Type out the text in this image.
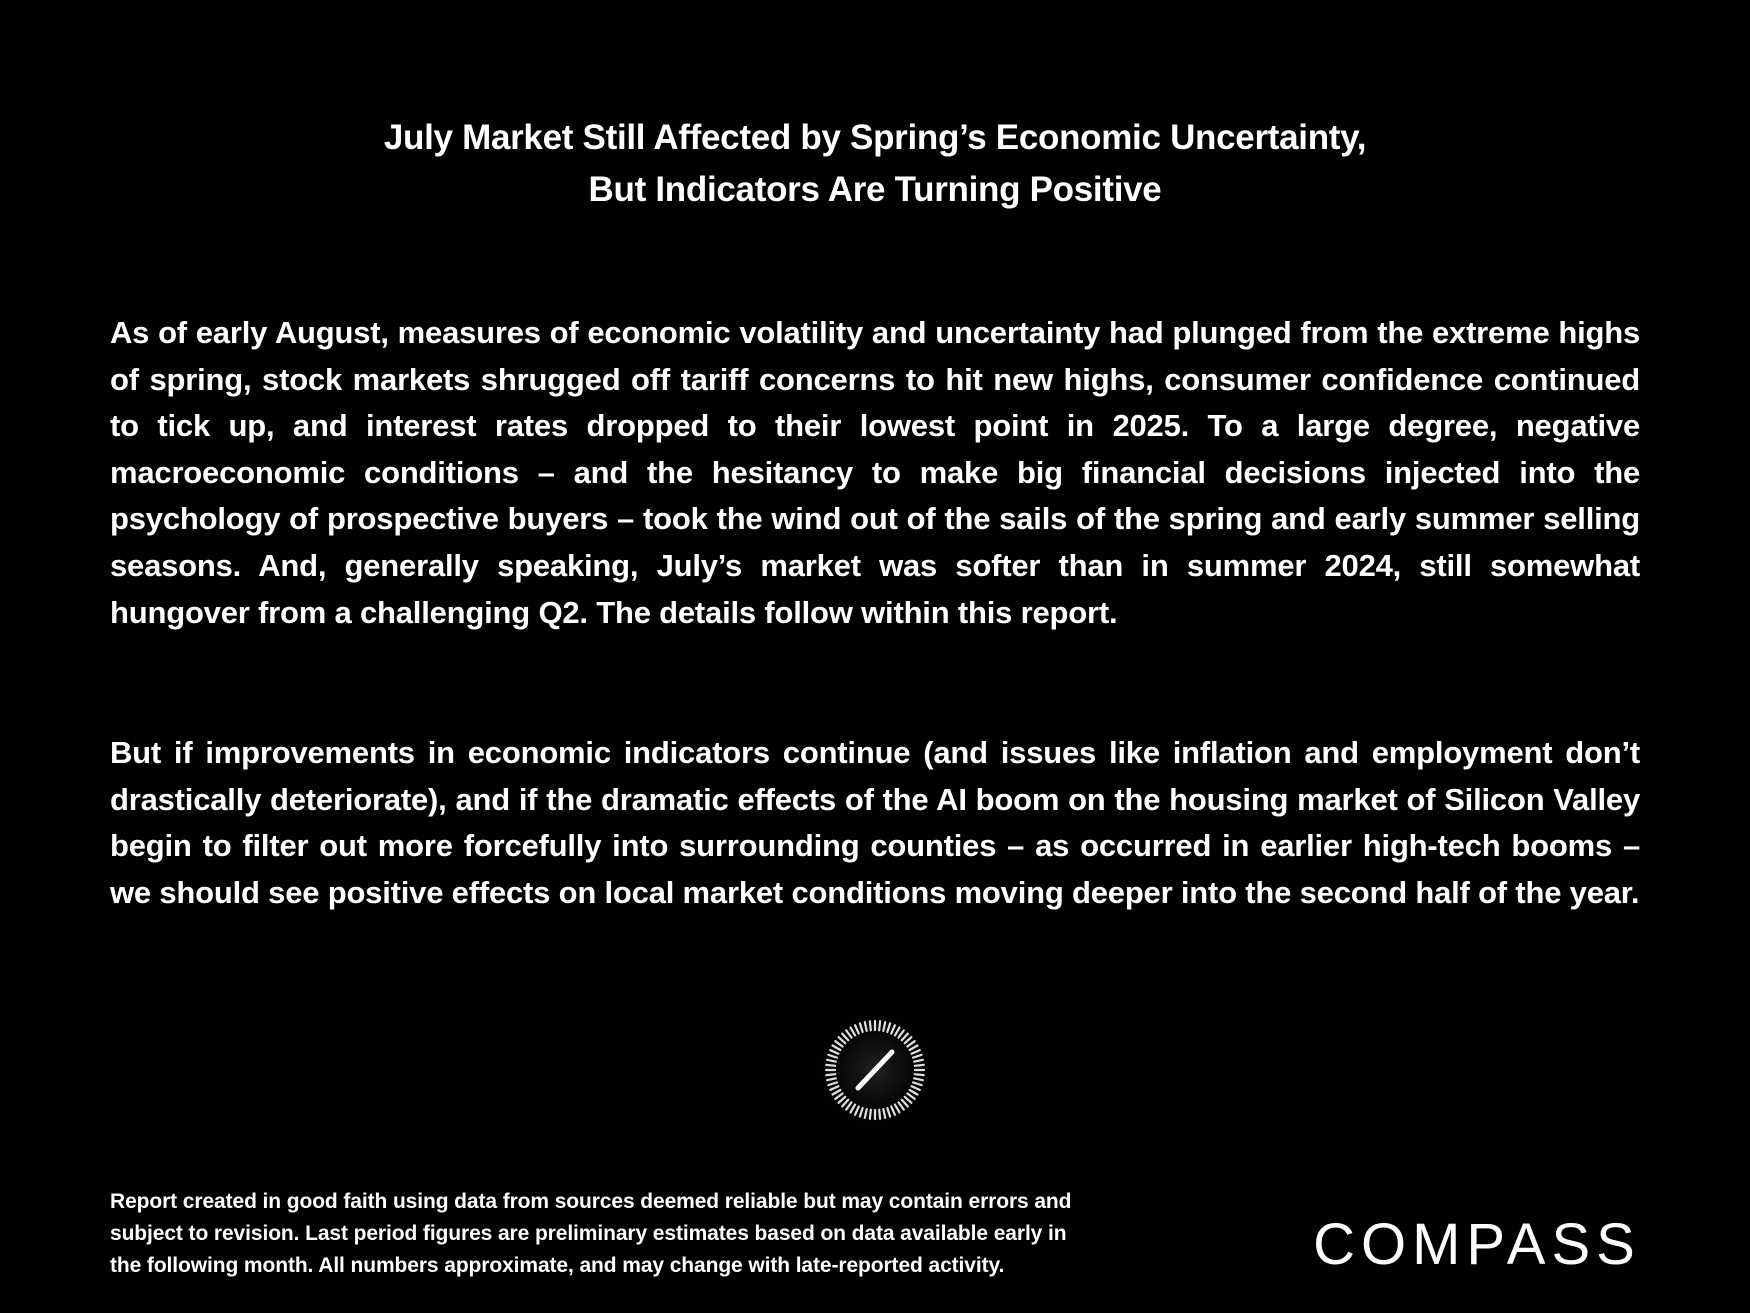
July Market Still Affected by Spring’s Economic Uncertainty,
But Indicators Are Turning Positive
As of early August, measures of economic volatility and uncertainty had plunged from the extreme highs of spring, stock markets shrugged off tariff concerns to hit new highs, consumer confidence continued to tick up, and interest rates dropped to their lowest point in 2025. To a large degree, negative macroeconomic conditions – and the hesitancy to make big financial decisions injected into the psychology of prospective buyers – took the wind out of the sails of the spring and early summer selling seasons. And, generally speaking, July’s market was softer than in summer 2024, still somewhat hungover from a challenging Q2. The details follow within this report.
But if improvements in economic indicators continue (and issues like inflation and employment don’t drastically deteriorate), and if the dramatic effects of the AI boom on the housing market of Silicon Valley begin to filter out more forcefully into surrounding counties – as occurred in earlier high-tech booms – we should see positive effects on local market conditions moving deeper into the second half of the year.
Report created in good faith using data from sources deemed reliable but may contain errors and
subject to revision. Last period figures are preliminary estimates based on data available early in
the following month. All numbers approximate, and may change with late-reported activity.	COMPASS
